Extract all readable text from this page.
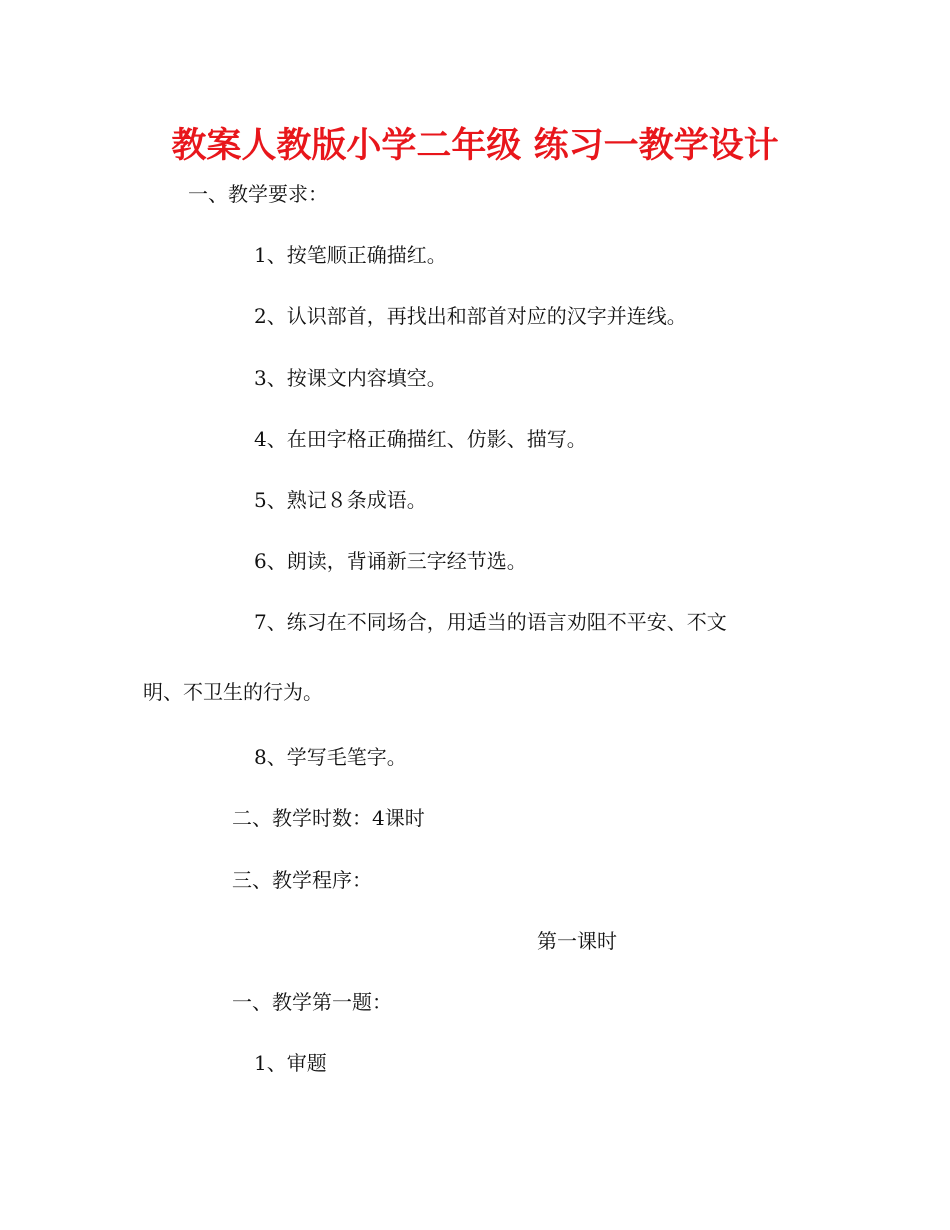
教案人教版小学二年级 练习一教学设计
一、教学要求：
1、按笔顺正确描红。
2、认识部首，再找出和部首对应的汉字并连线。
3、按课文内容填空。
4、在田字格正确描红、仿影、描写。
5、熟记８条成语。
6、朗读，背诵新三字经节选。
7、练习在不同场合，用适当的语言劝阻不平安、不文
明、不卫生的行为。
8、学写毛笔字。
二、教学时数：4课时
三、教学程序：
第一课时
一、教学第一题：
1、审题
